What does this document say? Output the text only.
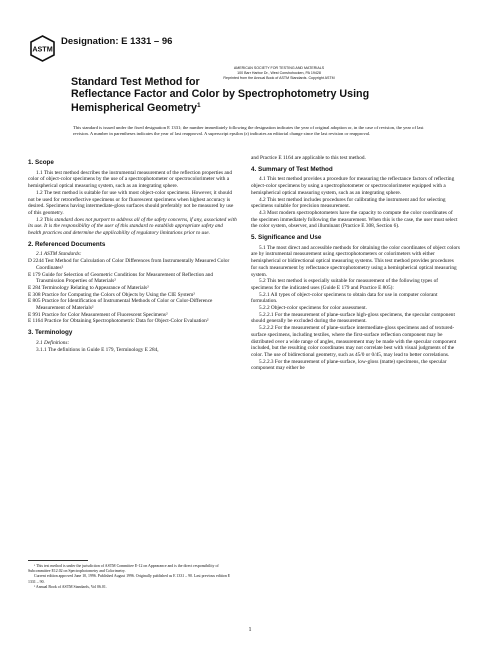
ASTM
Designation: E 1331 – 96
AMERICAN SOCIETY FOR TESTING AND MATERIALS
100 Barr Harbor Dr., West Conshohocken, PA 19428
Reprinted from the Annual Book of ASTM Standards. Copyright ASTM
Standard Test Method for
Reflectance Factor and Color by Spectrophotometry Using
Hemispherical Geometry$^1$
This standard is issued under the fixed designation E 1331; the number immediately following the designation indicates the year of original adoption or, in the case of revision, the year of last revision. A number in parentheses indicates the year of last reapproval. A superscript epsilon (ε) indicates an editorial change since the last revision or reapproval.
1. Scope

1.1 This test method describes the instrumental measurement of the reflection properties and color of object-color specimens by the use of a spectrophotometer or spectrocolorimeter with a hemispherical optical measuring system, such as an integrating sphere.

1.2 The test method is suitable for use with most object-color specimens. However, it should not be used for retroreflective specimens or for fluorescent specimens when highest accuracy is desired. Specimens having intermediate-gloss surfaces should preferably not be measured by use of this geometry.

1.3 This standard does not purport to address all of the safety concerns, if any, associated with its use. It is the responsibility of the user of this standard to establish appropriate safety and health practices and determine the applicability of regulatory limitations prior to use.

2. Referenced Documents

2.1 ASTM Standards:

D 2244 Test Method for Calculation of Color Differences from Instrumentally Measured Color Coordinates²

E 179 Guide for Selection of Geometric Conditions for Measurement of Reflection and Transmission Properties of Materials²

E 284 Terminology Relating to Appearance of Materials²

E 308 Practice for Computing the Colors of Objects by Using the CIE System²

E 805 Practice for Identification of Instrumental Methods of Color or Color-Difference Measurement of Materials²

E 991 Practice for Color Measurement of Fluorescent Specimens²

E 1164 Practice for Obtaining Spectrophotometric Data for Object-Color Evaluation²

3. Terminology

3.1 Definitions:

3.1.1 The definitions in Guide E 179, Terminology E 284,

¹ This test method is under the jurisdiction of ASTM Committee E-12 on Appearance and is the direct responsibility of Subcommittee E12.02 on Spectrophotometry and Colorimetry.

Current edition approved June 10, 1996. Published August 1996. Originally published as E 1331 – 90. Last previous edition E 1331 – 90.

² Annual Book of ASTM Standards, Vol 06.01.

and Practice E 1164 are applicable to this test method.

4. Summary of Test Method

4.1 This test method provides a procedure for measuring the reflectance factors of reflecting object-color specimens by using a spectrophotometer or spectrocolorimeter equipped with a hemispherical optical measuring system, such as an integrating sphere.

4.2 This test method includes procedures for calibrating the instrument and for selecting specimens suitable for precision measurement.

4.3 Most modern spectrophotometers have the capacity to compute the color coordinates of the specimen immediately following the measurement. When this is the case, the user must select the color system, observer, and illuminant (Practice E 308, Section 6).

5. Significance and Use

5.1 The most direct and accessible methods for obtaining the color coordinates of object colors are by instrumental measurement using spectrophotometers or colorimeters with either hemispherical or bidirectional optical measuring systems. This test method provides procedures for such measurement by reflectance spectrophotometry using a hemispherical optical measuring system.

5.2 This test method is especially suitable for measurement of the following types of specimens for the indicated uses (Guide E 179 and Practice E 805):

5.2.1 All types of object-color specimens to obtain data for use in computer colorant formulation.

5.2.2 Object-color specimens for color assessment.

5.2.2.1 For the measurement of plane-surface high-gloss specimens, the specular component should generally be excluded during the measurement.

5.2.2.2 For the measurement of plane-surface intermediate-gloss specimens and of textured-surface specimens, including textiles, where the first-surface reflection component may be distributed over a wide range of angles, measurement may be made with the specular component included, but the resulting color coordinates may not correlate best with visual judgments of the color. The use of bidirectional geometry, such as 45/0 or 0/45, may lead to better correlations.

5.2.2.3 For the measurement of plane-surface, low-gloss (matte) specimens, the specular component may either be

1
